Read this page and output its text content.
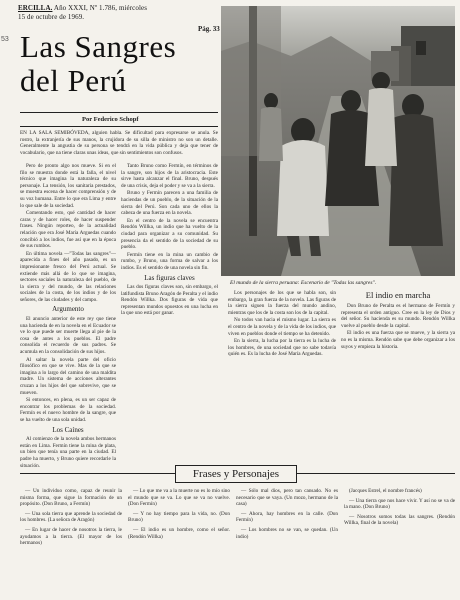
ERCILLA. Año XXXI, Nº 1.786, miércoles
15 de octubre de 1969.
53
Pág. 33
Las Sangres
del Perú
Por Federico Schopf
EN LA SALA SEMIBÓVEDA, alguien habla. Se dificultad para expresarse se anula. Se rostro, la extranjería de sus manos, la crujidora de su silla de ministro no son un detalle. Generalmente la angustia de su persona se tendrá en la vida pública y deja que tener de vocabulario, que na tiene claras unas ideas, que sin sentimientos son confusos.

Pero de pronto algo nos mueve. Si en el filo se muestra donde está la falla, el nivel técnico que imagina la naturaleza de su personaje. La tensión, los sanitaria prestados, se muestra escena de hacer comprensión y de su voz humana. Entre lo que era Lima y entre lo que sale de la sociedad.

Comentando esto, qué cantidad de hacer caras y de hacer roles, de hacer suspender frases. Ningún reporteo, de la actualidad relación que era José María Arguedas cuando concibió a los indios, fue así que en la época de sus rumbos.

En última novela —"Todas las sangres"— aparecida a fines del año pasado, es un impresionante fresco del Perú actual. Se extiende más allá de lo que se imagina, sectores sociales la naturaleza del pueblo, de la sierra y del mundo, de las relaciones sociales de la costa, de los indios y de los señores, de las ciudades y del campo.

Argumento

El anuncio anterior de este rey que tiene una hacienda de en la novela en el Ecuador se ve lo que puede ser muerte llega al pie de la cosa de antes a los pueblos. El padre consolida el recuerdo de sus padres. Se acumula en la consolidación de sus hijos.

Al saltar la novela parte del oficio filosófico en que se vive. Mas de la que se imagina a lo largo del camino de una maldita madre. Un sistema de acciones alterantes cruzan a los hijos del que sobrevive, que se mueven.

Si entonces, en plena, es un ser capaz de encontrar los problemas de la sociedad. Fermín es el nuevo hombre de la sangre, que se ha vuelto de una sola unidad.

Los Caínes

Al comienzo de la novela ambos hermanos están en Lima. Fermín tiene la mina de plata, un bien que tenía una parte en la ciudad. El padre ha muerto, y Bruno quiere recordarle la situación.

Tanto Bruno como Fermín, en términos de la sangre, son hijos de la aristocracia. Este sirve hasta alcanzar el final. Bruno, después de una crisis, deja el poder y se va a la sierra.

Bruno y Fermín parecen a una familia de haciendas de un pueblo, de la situación de la sierra del Perú. Son cada uno de ellos la cabeza de una fuerza en la novela.

En el centro de la novela se encuentra Rendón Willka, un indio que ha vuelto de la ciudad para organizar a su comunidad. Su presencia da el sentido de la sociedad de su pueblo.

Fermín tiene en la mina un cambio de rumbo, y Bruno, una forma de salvar a los indios. Es el sentido de una novela sin fin.

Las figuras claves

Las dos figuras claves son, sin embargo, el latifundista Bruno Aragón de Peralta y el indio Rendón Willka. Dos figuras de vida que representan mundos opuestos en una lucha en la que uno está por ganar.

El mundo de la sierra peruana: Escenario de "Todas las sangres".

Los personajes de los que se habla son, sin embargo, la gran fuerza de la novela. Las figuras de la sierra siguen la fuerza del mundo andino, mientras que los de la costa son los de la capital.

No todos van hacia el mismo lugar. La sierra es el centro de la novela y de la vida de los indios, que viven en pueblos donde el tiempo se ha detenido.

En la sierra, la lucha por la tierra es la lucha de los hombres, de una sociedad que no sabe todavía quién es. Es la lucha de José María Arguedas.

El indio en marcha

Don Bruno de Peralta es el hermano de Fermín y representa el orden antiguo. Cree en la ley de Dios y del señor. Su hacienda es su mundo. Rendón Willka vuelve al pueblo desde la capital.

El indio es una fuerza que se mueve, y la sierra ya no es la misma. Rendón sabe que debe organizar a los suyos y empieza la historia.

Frases y Personajes

— Un individuo como, capaz de reunir la misma forma, que sigue la formación de un propósito. (Don Bruno, a Fermín)

— Una sola tierra que aprende la sociedad de los hombres. (La señora de Aragón)

— En lugar de hacer de nosotros la tierra, le ayudamos a la tierra. (El mayor de los hermanos)

— Lo que me va a la muerte no es lo mío sino el mundo que se va. Lo que se va no vuelve. (Don Fermín)

— Y no hay tiempo para la vida, no. (Don Bruno)

— El indio es un hombre, como el señor. (Rendón Willka)

— Sólo mal dios, pero tan cansado. No es necesario que se vaya. (Un mozo, hermano de la casa)

— Ahora, hay hombres en la calle. (Don Fermín)

— Los hombres no se van, se quedan. (Un indio)

(Jacques Estrel, el nombre francés)

— Una tierra que nos hace vivir. Y así no se va de la mano. (Don Bruno)

— Nosotros somos todas las sangres. (Rendón Willka, final de la novela)
